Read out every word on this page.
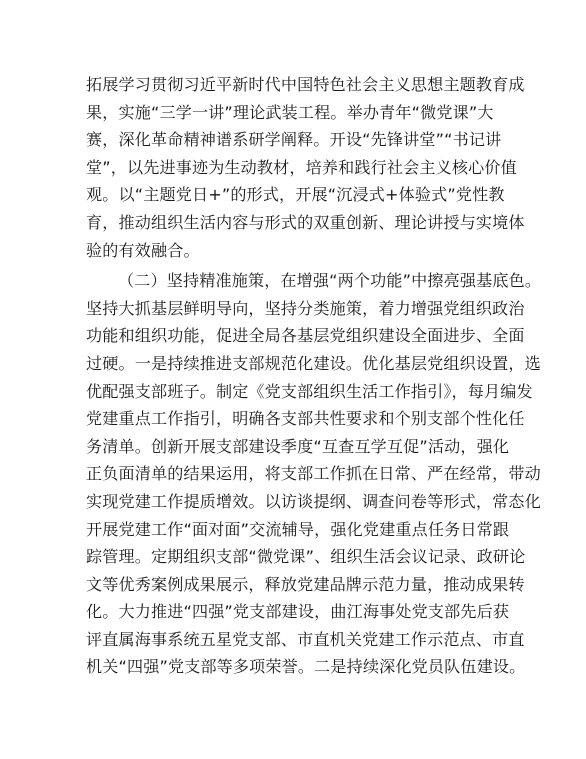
拓展学习贯彻习近平新时代中国特色社会主义思想主题教育成
果，实施“三学一讲”理论武装工程。举办青年“微党课”大
赛，深化革命精神谱系研学阐释。开设“先锋讲堂”“书记讲
堂”，以先进事迹为生动教材，培养和践行社会主义核心价值
观。以“主题党日+”的形式，开展“沉浸式+体验式”党性教
育，推动组织生活内容与形式的双重创新、理论讲授与实境体
验的有效融合。
（二）坚持精准施策，在增强“两个功能”中擦亮强基底色。
坚持大抓基层鲜明导向，坚持分类施策，着力增强党组织政治
功能和组织功能，促进全局各基层党组织建设全面进步、全面
过硬。一是持续推进支部规范化建设。优化基层党组织设置，选
优配强支部班子。制定《党支部组织生活工作指引》，每月编发
党建重点工作指引，明确各支部共性要求和个别支部个性化任
务清单。创新开展支部建设季度“互查互学互促”活动，强化
正负面清单的结果运用，将支部工作抓在日常、严在经常，带动
实现党建工作提质增效。以访谈提纲、调查问卷等形式，常态化
开展党建工作“面对面”交流辅导，强化党建重点任务日常跟
踪管理。定期组织支部“微党课”、组织生活会议记录、政研论
文等优秀案例成果展示，释放党建品牌示范力量，推动成果转
化。大力推进“四强”党支部建设，曲江海事处党支部先后获
评直属海事系统五星党支部、市直机关党建工作示范点、市直
机关“四强”党支部等多项荣誉。二是持续深化党员队伍建设。
